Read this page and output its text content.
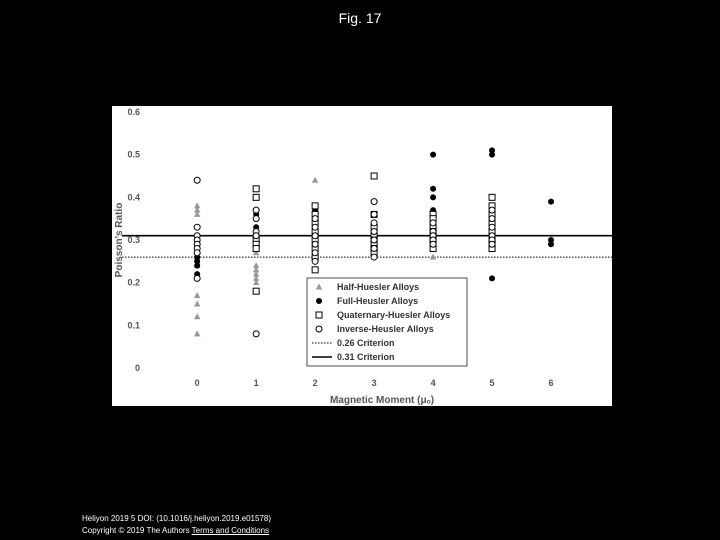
Fig. 17
0
0.1
0.2
0.3
0.4
0.5
0.6
0	1	2	3	4	5	6
Poisson's Ratio
Magnetic Moment (μₒ)
Half-Huesler Alloys
Full-Heusler Alloys
Quaternary-Huesler Alloys
Inverse-Heusler Alloys
0.26 Criterion
0.31 Criterion
Heliyon 2019 5 DOI: (10.1016/j.heliyon.2019.e01578)
Copyright © 2019 The Authors Terms and Conditions
